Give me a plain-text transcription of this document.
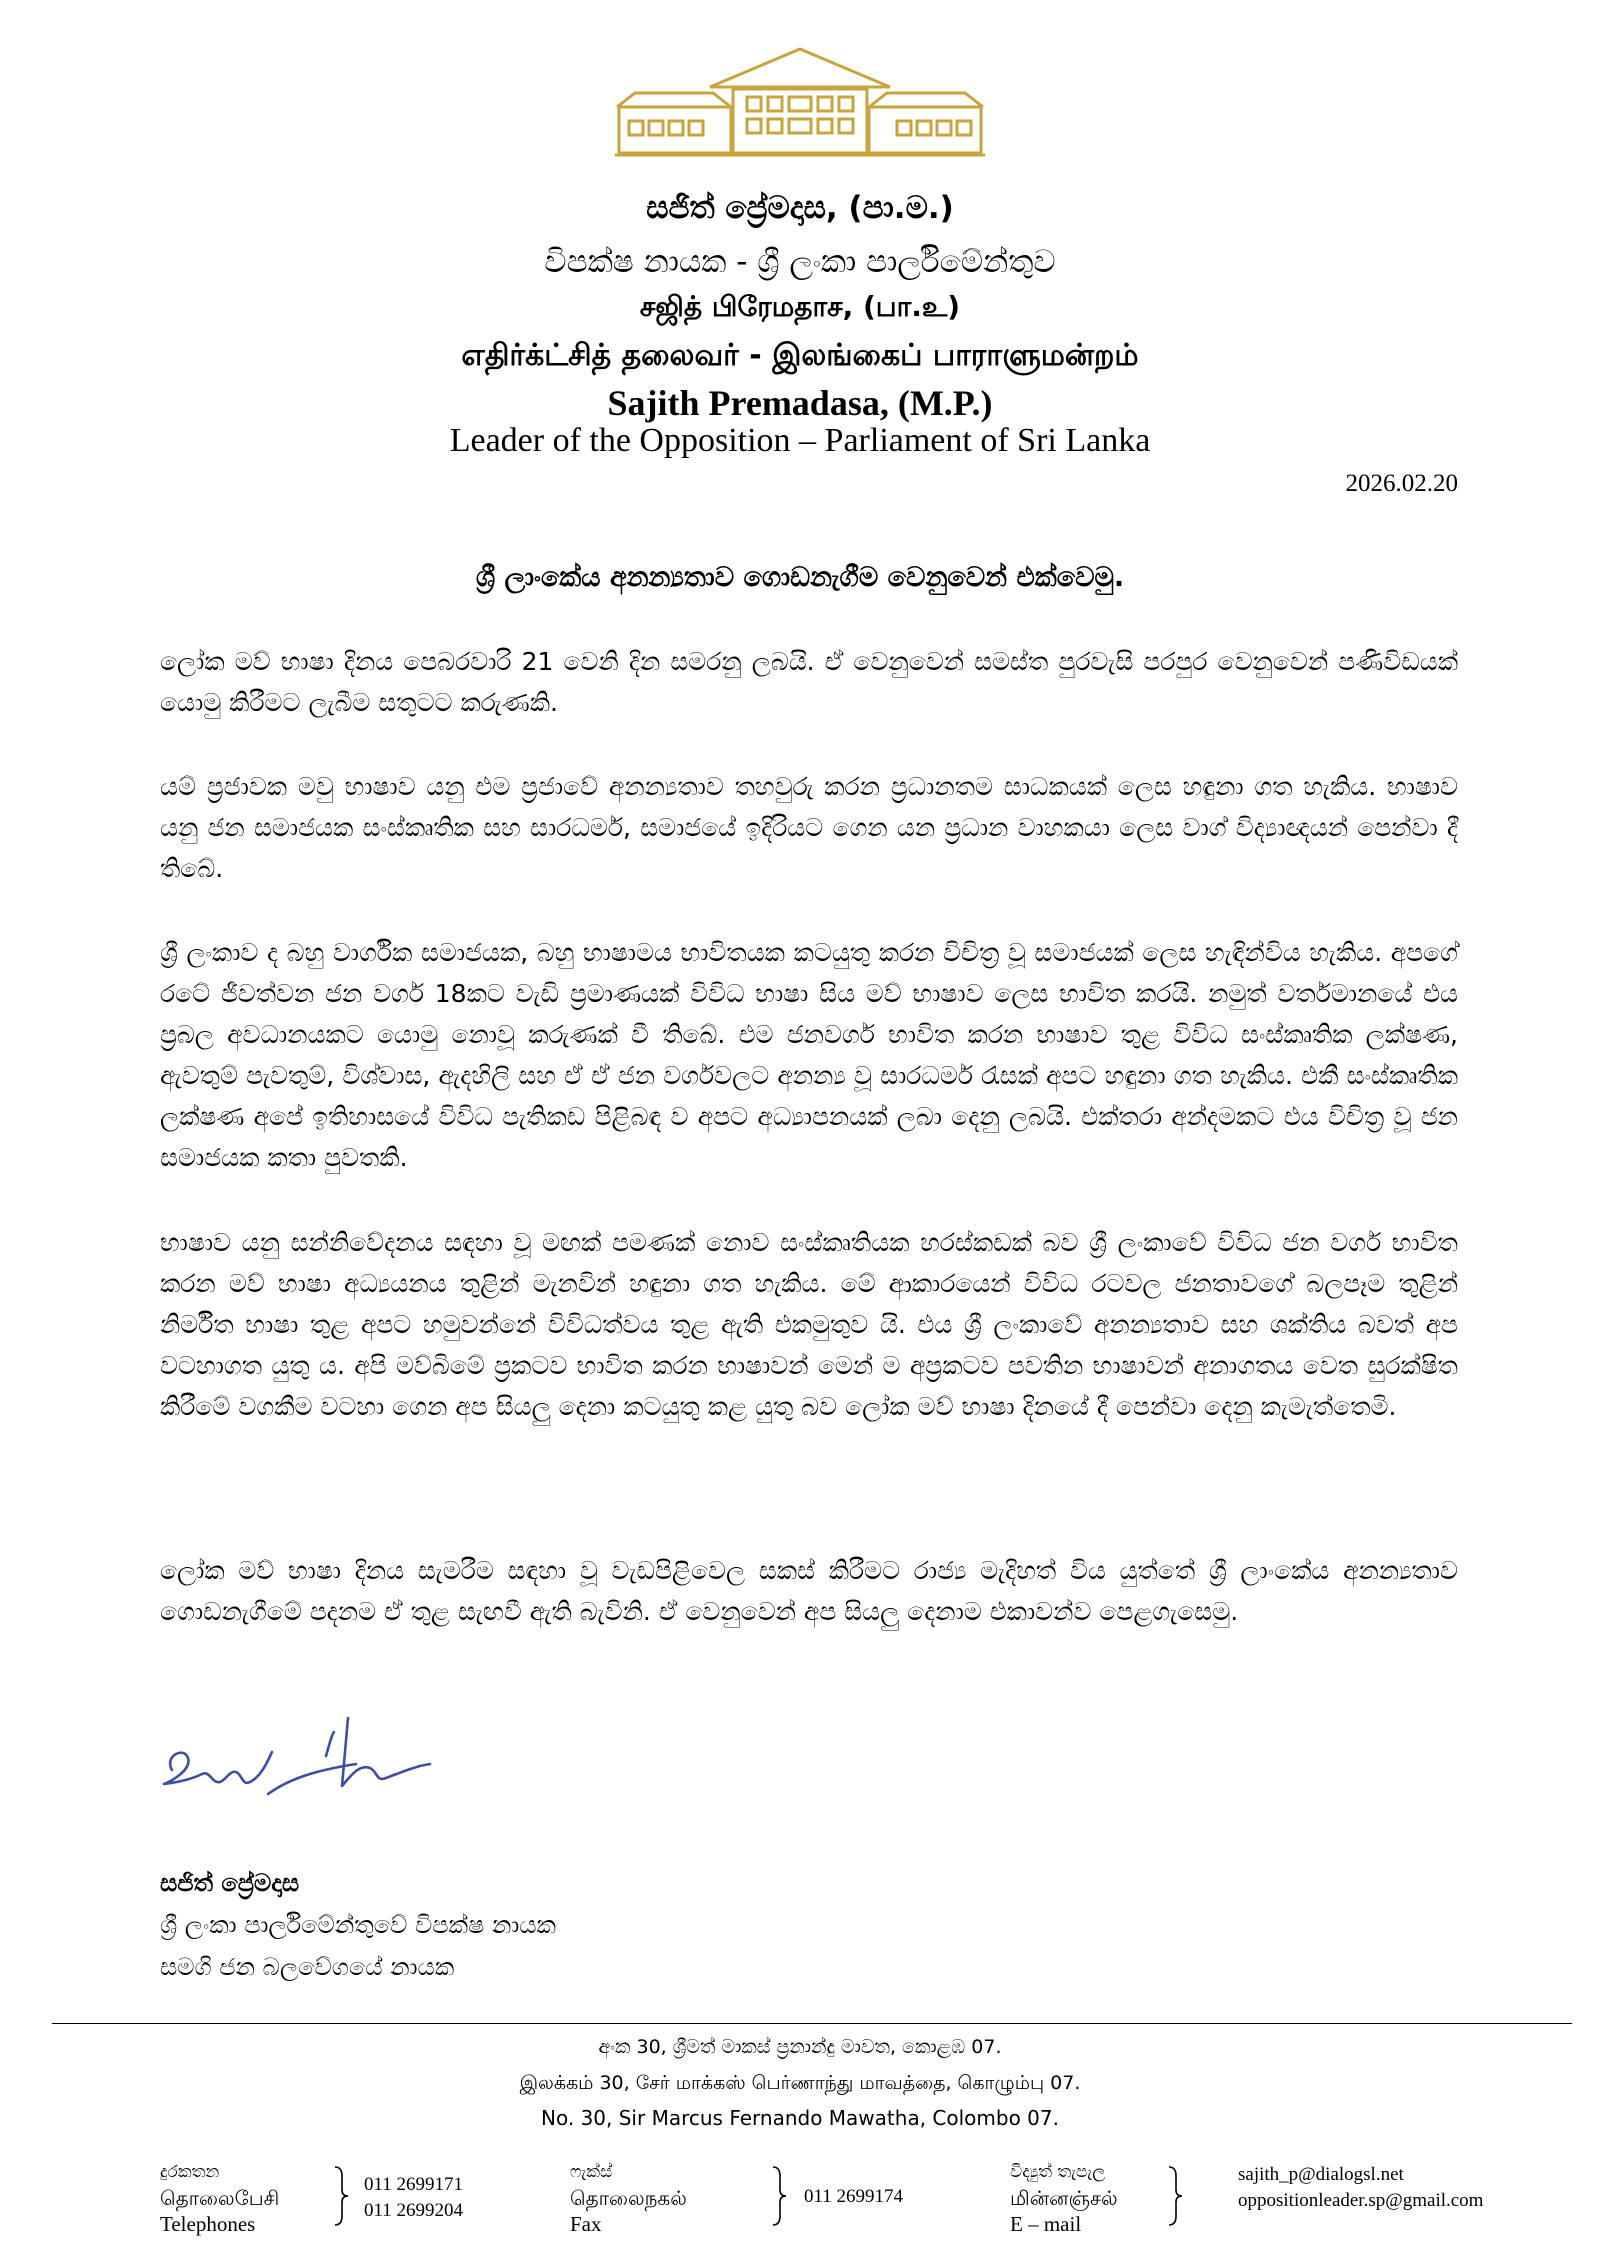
සජිත් ප්‍රේමදාස, (පා.ම.)
විපක්ෂ නායක - ශ්‍රී ලංකා පාර්ලිමේන්තුව
சஜித் பிரேமதாச, (பா.உ)
எதிர்க்ட்சித் தலைவர் - இலங்கைப் பாராளுமன்றம்
Sajith Premadasa, (M.P.)
Leader of the Opposition – Parliament of Sri Lanka
2026.02.20
ශ්‍රී ලාංකේය අනන්‍යතාව ගොඩනැගීම වෙනුවෙන් එක්වෙමු.

ලෝක මව් භාෂා දිනය පෙබරවාරි 21 වෙනි දින සමරනු ලබයි. ඒ වෙනුවෙන් සමස්ත පුරවැසි පරපුර වෙනුවෙන් පණිවිඩයක් යොමු කිරීමට ලැබීම සතුටට කරුණකි.

යම් ප්‍රජාවක මවු භාෂාව යනු එම ප්‍රජාවේ අනන්‍යතාව තහවුරු කරන ප්‍රධානතම සාධකයක් ලෙස හඳුනා ගත හැකිය. භාෂාව යනු ජන සමාජයක සංස්කෘතික සහ සාරධර්ම, සමාජයේ ඉදිරියට ගෙන යන ප්‍රධාන වාහකයා ලෙස වාග් විද්‍යාඥයන් පෙන්වා දී තිබේ.

ශ්‍රී ලංකාව ද බහු වාර්ගික සමාජයක, බහු භාෂාමය භාවිතයක කටයුතු කරන විචිත්‍ර වූ සමාජයක් ලෙස හැඳින්විය හැකිය. අපගේ රටේ ජීවත්වන ජන වර්ග 18කට වැඩි ප්‍රමාණයක් විවිධ භාෂා සිය මව් භාෂාව ලෙස භාවිත කරයි. නමුත් වර්තමානයේ එය ප්‍රබල අවධානයකට යොමු නොවූ කරුණක් වී තිබේ. එම ජනවර්ග භාවිත කරන භාෂාව තුළ විවිධ සංස්කෘතික ලක්ෂණ, ඇවතුම් පැවතුම්, විශ්වාස, ඇදහිලි සහ ඒ ඒ ජන වර්ගවලට අනන්‍ය වූ සාරධර්ම රැසක් අපට හඳුනා ගත හැකිය. එකී සංස්කෘතික ලක්ෂණ අපේ ඉතිහාසයේ විවිධ පැතිකඩ පිළිබඳ ව අපට අධ්‍යාපනයක් ලබා දෙනු ලබයි. එක්තරා අන්දමකට එය විචිත්‍ර වූ ජන සමාජයක කතා පුවතකි.

භාෂාව යනු සන්නිවේදනය සඳහා වූ මඟක් පමණක් නොව සංස්කෘතියක හරස්කඩක් බව ශ්‍රී ලංකාවේ විවිධ ජන වර්ග භාවිත කරන මව් භාෂා අධ්‍යයනය තුළින් මැනවින් හඳුනා ගත හැකිය. මේ ආකාරයෙන් විවිධ රටවල ජනතාවගේ බලපෑම තුළින් නිර්මිත භාෂා තුළ අපට හමුවන්නේ විවිධත්වය තුළ ඇති එකමුතුව යි. එය ශ්‍රී ලංකාවේ අනන්‍යතාව සහ ශක්තිය බවත් අප වටහාගත යුතු ය. අපි මව්බිමේ ප්‍රකටව භාවිත කරන භාෂාවන් මෙන් ම අප්‍රකටව පවතින භාෂාවන් අනාගතය වෙත සුරක්ෂිත කිරීමේ වගකීම වටහා ගෙන අප සියලු දෙනා කටයුතු කළ යුතු බව ලෝක මව් භාෂා දිනයේ දී පෙන්වා දෙනු කැමැත්තෙමි.

ලෝක මව් භාෂා දිනය සැමරීම සඳහා වූ වැඩපිළිවෙල සකස් කිරීමට රාජ්‍ය මැදිහත් විය යුත්තේ ශ්‍රී ලාංකේය අනන්‍යතාව ගොඩනැගීමේ පදනම ඒ තුළ සැඟවී ඇති බැවිනි. ඒ වෙනුවෙන් අප සියලු දෙනාම එකාවන්ව පෙළගැසෙමු.

සජිත් ප්‍රේමදාස
ශ්‍රී ලංකා පාර්ලිමේන්තුවේ විපක්ෂ නායක
සමගි ජන බලවේගයේ නායක
අංක 30, ශ්‍රීමත් මාකස් ප්‍රනාන්දු මාවත, කොළඹ 07.
இலக்கம் 30, சேர் மாக்கஸ் பெர்ணாந்து மாவத்தை, கொழும்பு 07.
No. 30, Sir Marcus Fernando Mawatha, Colombo 07.
දුරකතන
தொலைபேசி
Telephones
011 2699171
011 2699204
ෆැක්ස්
தொலைநகல்
Fax
011 2699174
විද්‍යුත් තැපැල
மின்னஞ்சல்
E – mail
sajith_p@dialogsl.net
oppositionleader.sp@gmail.com
